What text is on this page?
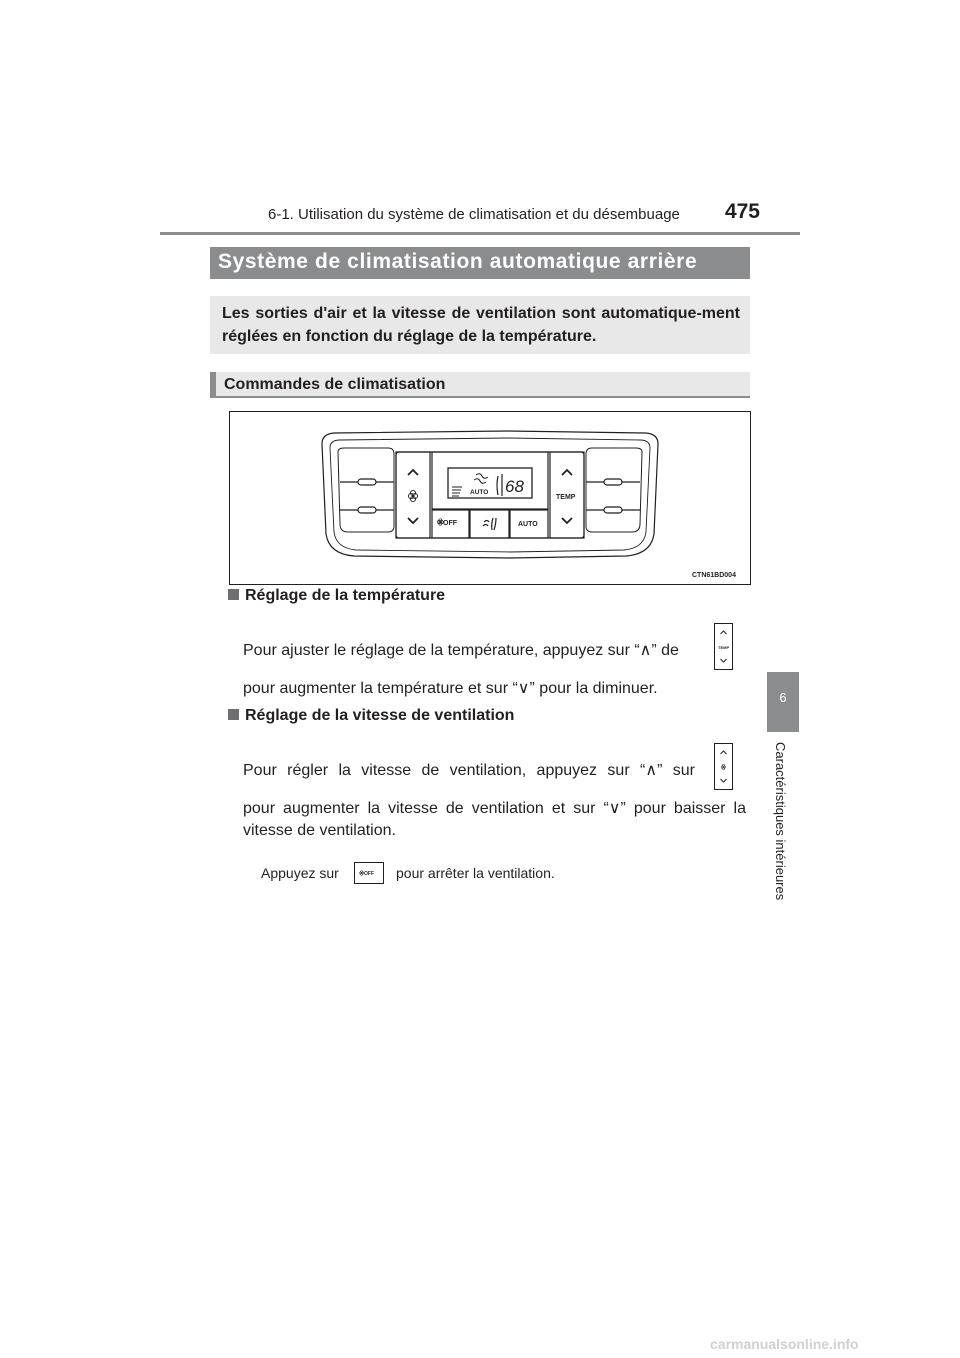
6-1. Utilisation du système de climatisation et du désembuage	475
Système de climatisation automatique arrière
Les sorties d'air et la vitesse de ventilation sont automatique-ment réglées en fonction du réglage de la température.
Commandes de climatisation
AUTO 68
OFF	AUTO
TEMP
CTN61BD004
Réglage de la température
Pour ajuster le réglage de la température, appuyez sur “∧” de	TEMP
pour augmenter la température et sur “∨” pour la diminuer.
Réglage de la vitesse de ventilation
Pour régler la vitesse de ventilation, appuyez sur “∧” sur
pour augmenter la vitesse de ventilation et sur “∨” pour baisser la
vitesse de ventilation.
Appuyez sur	OFF pour arrêter la ventilation.
6
Caractéristiques intérieures
carmanualsonline.info
